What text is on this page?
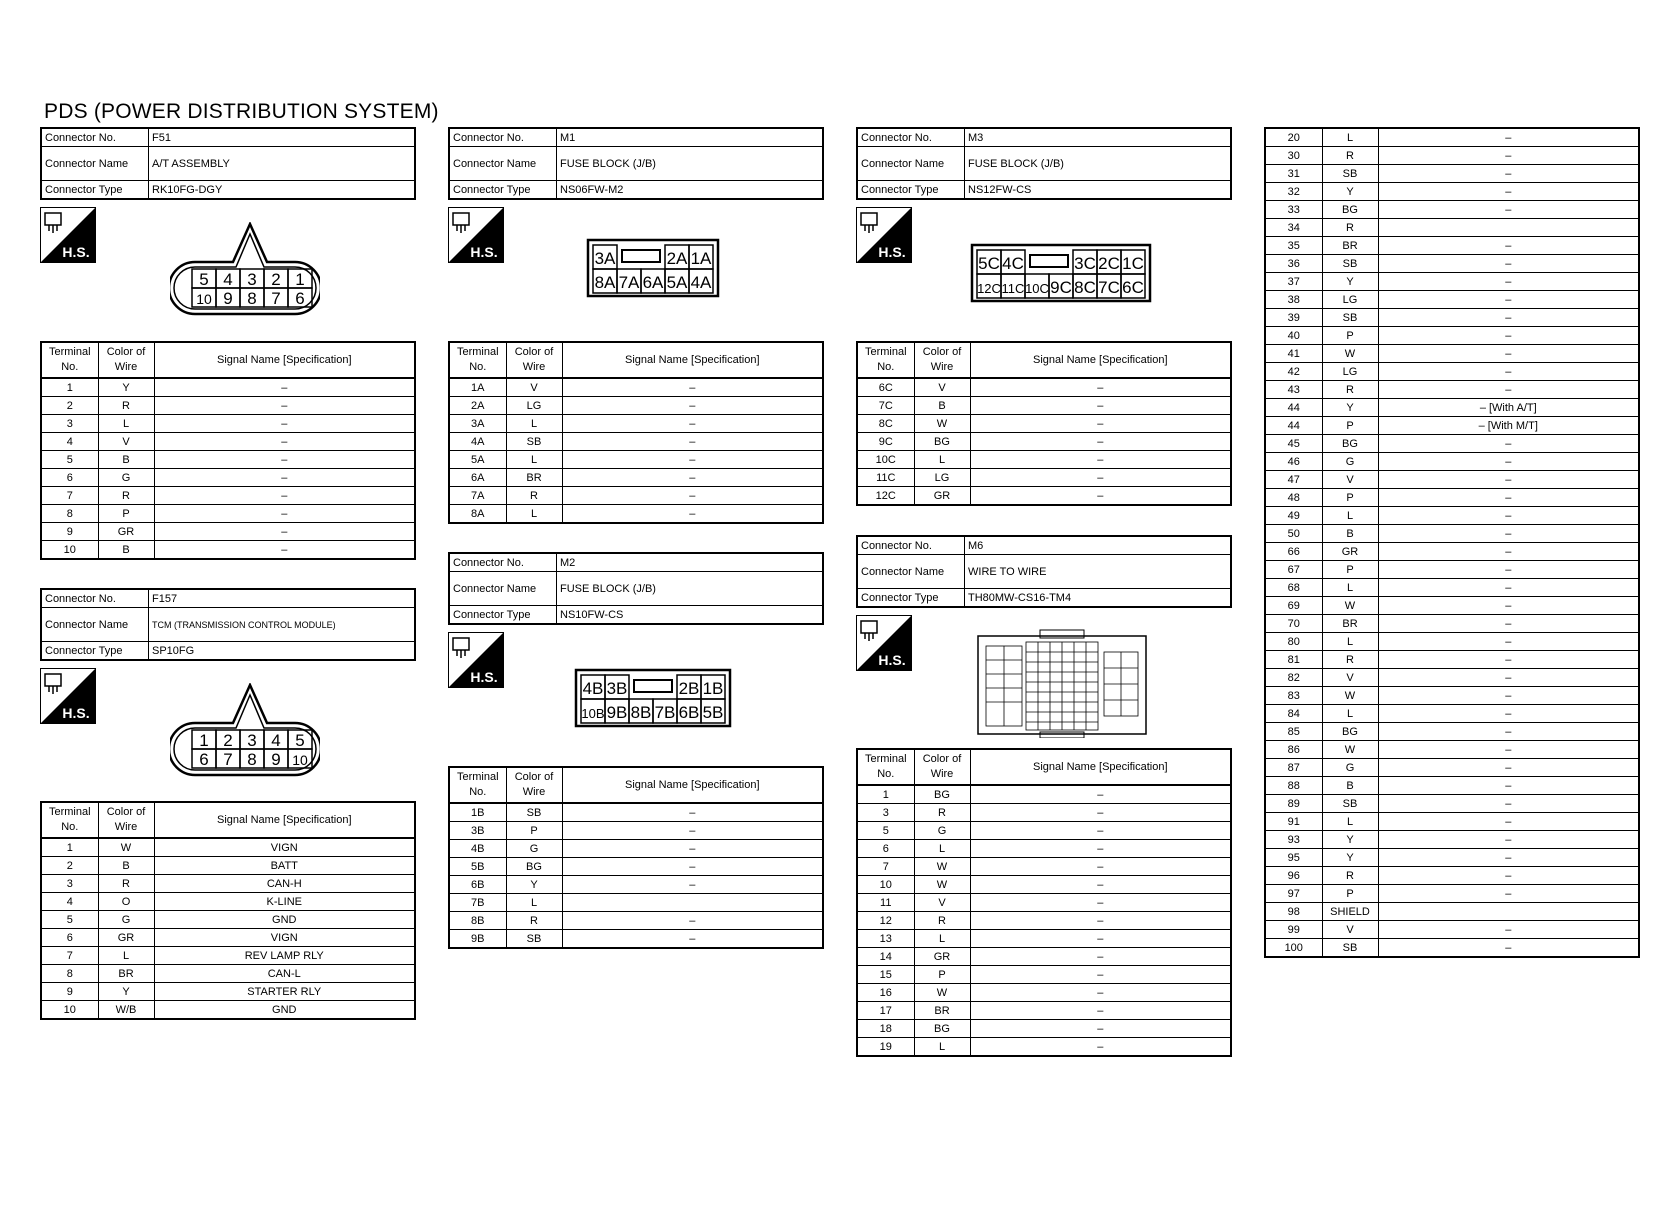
PDS (POWER DISTRIBUTION SYSTEM)
Connector No.	F51
Connector Name	A/T ASSEMBLY
Connector Type	RK10FG-DGY
H.S.
5 4 3 2 1
10 9 8 7 6
Terminal No.	Color of Wire	Signal Name [Specification]
1	Y	–
2	R	–
3	L	–
4	V	–
5	B	–
6	G	–
7	R	–
8	P	–
9	GR	–
10	B	–
Connector No.	F157
Connector Name	TCM (TRANSMISSION CONTROL MODULE)
Connector Type	SP10FG
H.S.
1 2 3 4 5
6 7 8 9 10
Terminal No.	Color of Wire	Signal Name [Specification]
1	W	VIGN
2	B	BATT
3	R	CAN-H
4	O	K-LINE
5	G	GND
6	GR	VIGN
7	L	REV LAMP RLY
8	BR	CAN-L
9	Y	STARTER RLY
10	W/B	GND
Connector No.	M1
Connector Name	FUSE BLOCK (J/B)
Connector Type	NS06FW-M2
H.S.
8A 7A 6A 5A 4A
3A	2A 1A
Terminal No.	Color of Wire	Signal Name [Specification]
1A	V	–
2A	LG	–
3A	L	–
4A	SB	–
5A	L	–
6A	BR	–
7A	R	–
8A	L	–
Connector No.	M2
Connector Name	FUSE BLOCK (J/B)
Connector Type	NS10FW-CS
H.S.
10B 9B 8B 7B 6B 5B
4B 3B	2B 1B
Terminal No.	Color of Wire	Signal Name [Specification]
1B	SB	–
3B	P	–
4B	G	–
5B	BG	–
6B	Y	–
7B	L	
8B	R	–
9B	SB	–
Connector No.	M3
Connector Name	FUSE BLOCK (J/B)
Connector Type	NS12FW-CS
H.S.
12C 11C 10C 9C 8C 7C 6C
5C 4C	3C 2C 1C
Terminal No.	Color of Wire	Signal Name [Specification]
6C	V	–
7C	B	–
8C	W	–
9C	BG	–
10C	L	–
11C	LG	–
12C	GR	–
Connector No.	M6
Connector Name	WIRE TO WIRE
Connector Type	TH80MW-CS16-TM4
H.S.
Terminal No.	Color of Wire	Signal Name [Specification]
1	BG	–
3	R	–
5	G	–
6	L	–
7	W	–
10	W	–
11	V	–
12	R	–
13	L	–
14	GR	–
15	P	–
16	W	–
17	BR	–
18	BG	–
19	L	–
20	L	–
30	R	–
31	SB	–
32	Y	–
33	BG	–
34	R	
35	BR	–
36	SB	–
37	Y	–
38	LG	–
39	SB	–
40	P	–
41	W	–
42	LG	–
43	R	–
44	Y	– [With A/T]
44	P	– [With M/T]
45	BG	–
46	G	–
47	V	–
48	P	–
49	L	–
50	B	–
66	GR	–
67	P	–
68	L	–
69	W	–
70	BR	–
80	L	–
81	R	–
82	V	–
83	W	–
84	L	–
85	BG	–
86	W	–
87	G	–
88	B	–
89	SB	–
91	L	–
93	Y	–
95	Y	–
96	R	–
97	P	–
98	SHIELD	
99	V	–
100	SB	–
